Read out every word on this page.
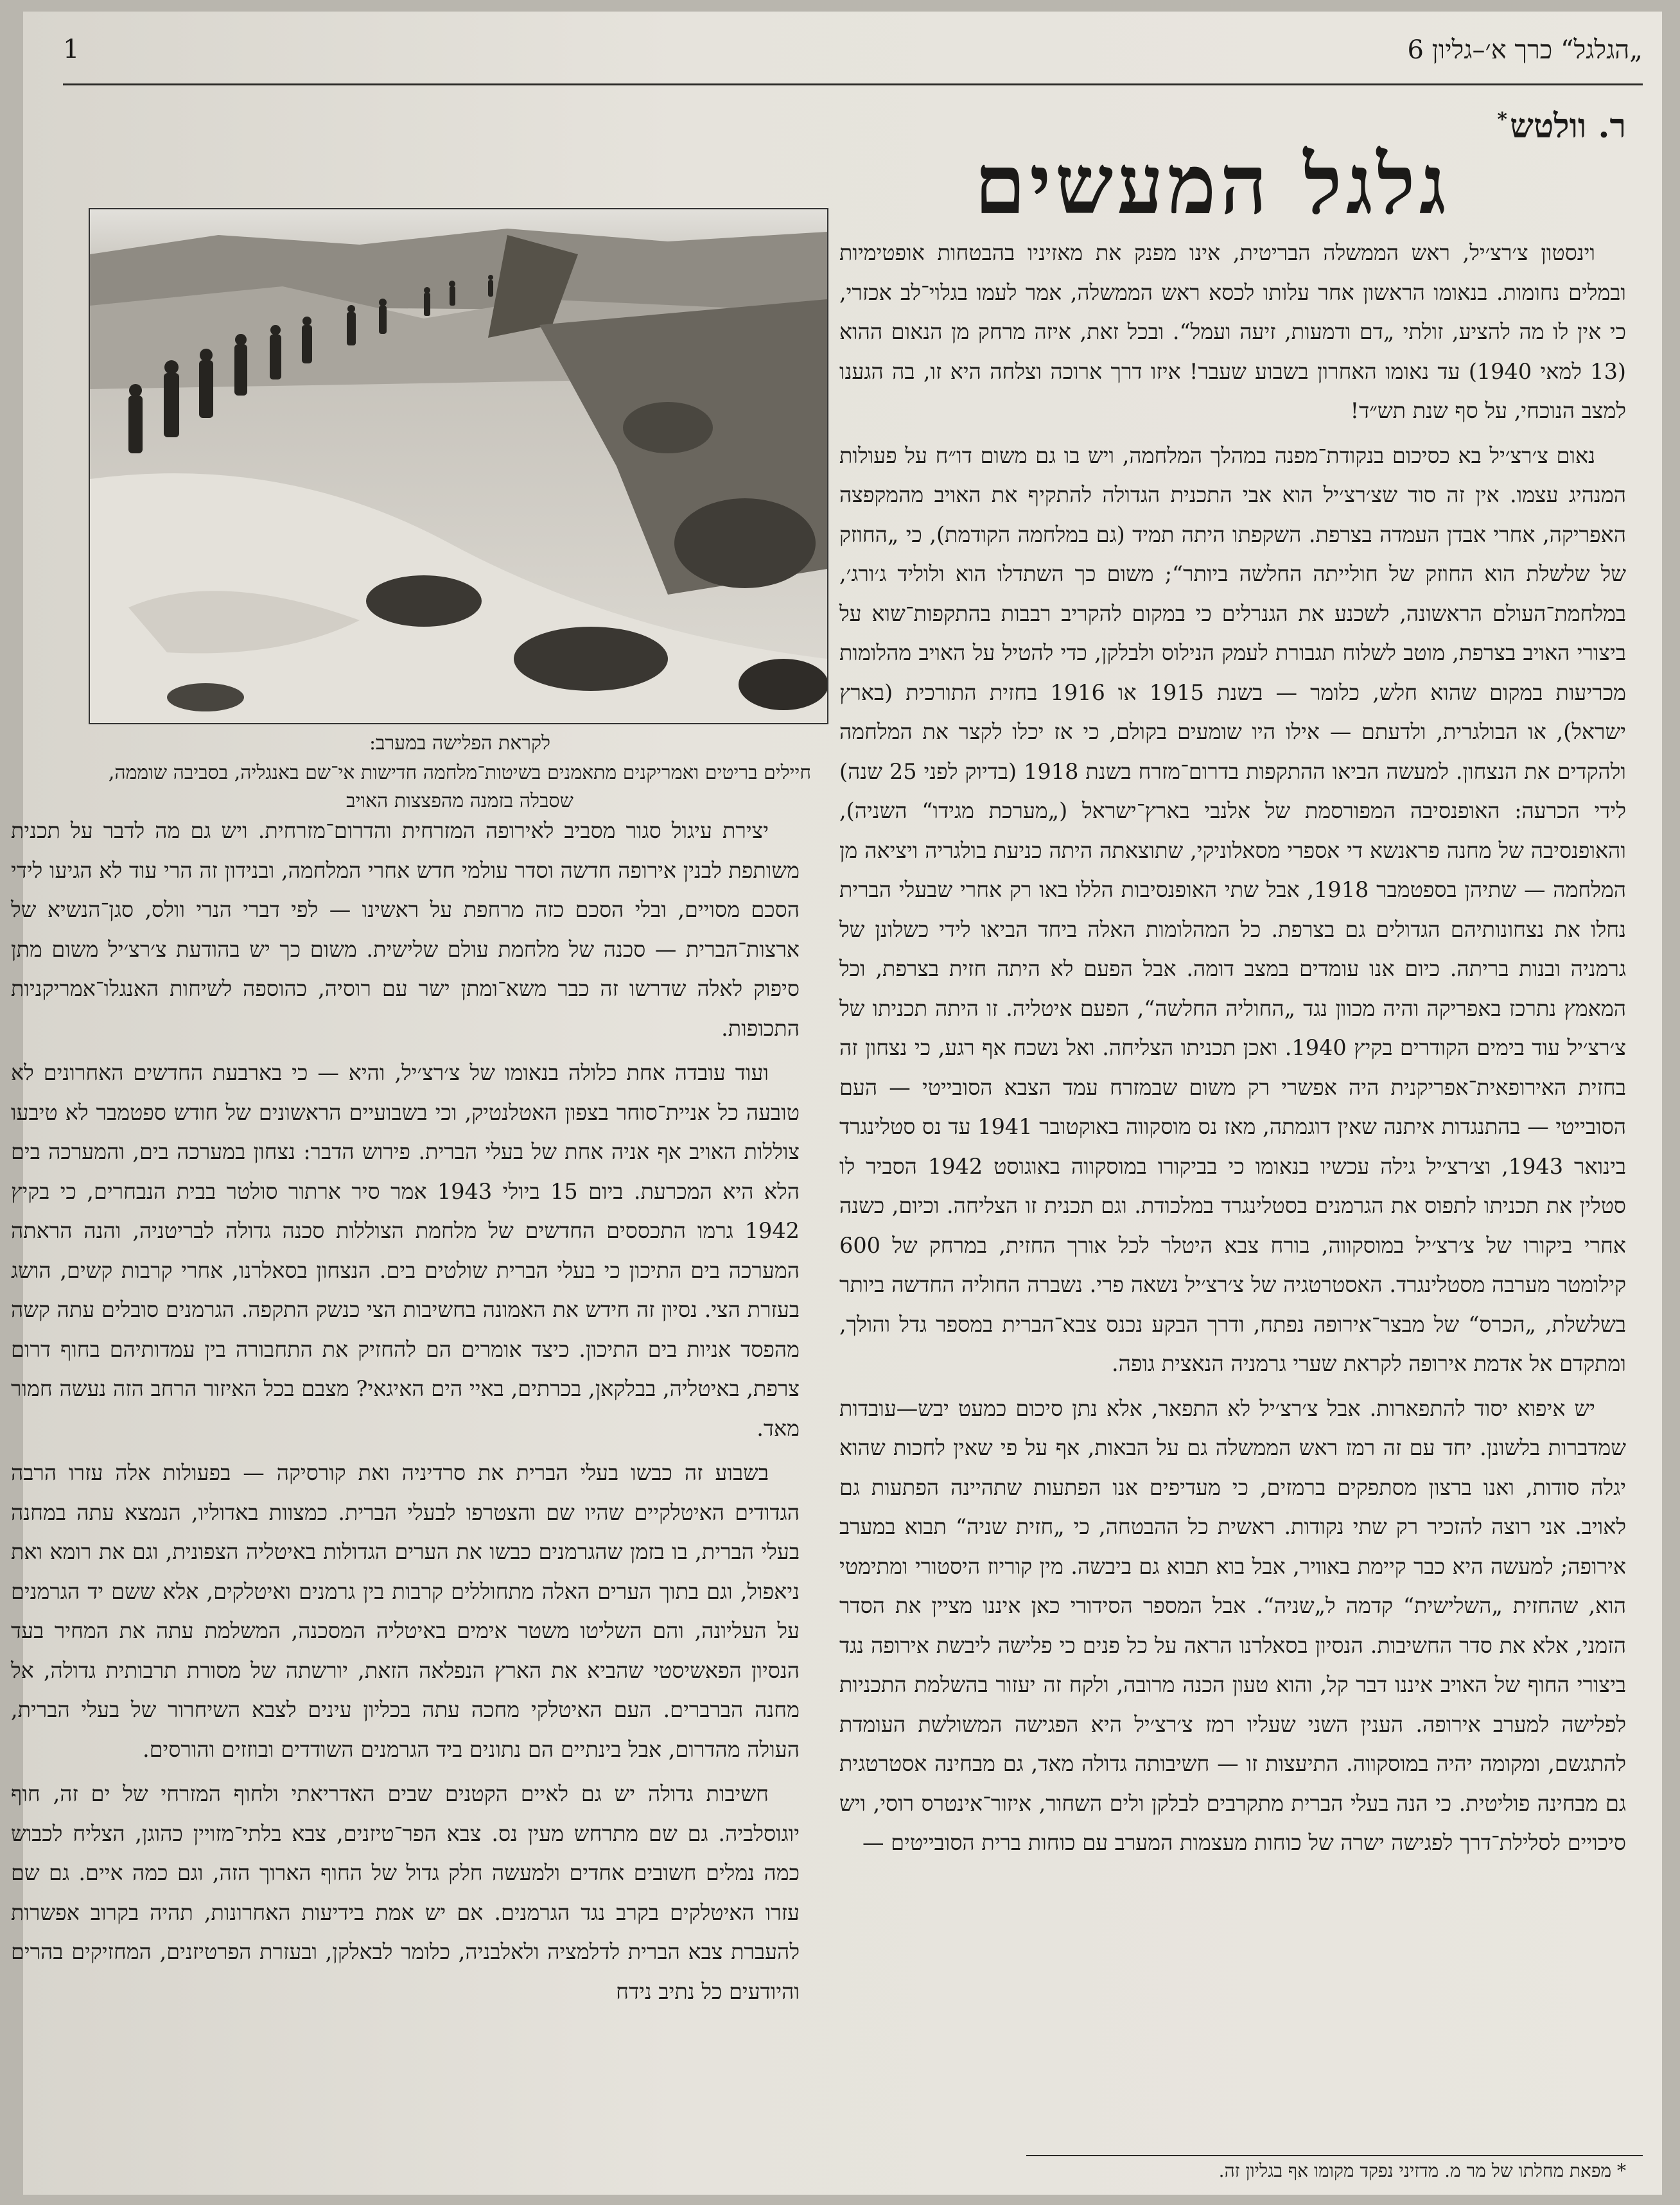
„הגלגל“ כרך א׳–גליון 6
1
ר. וולטש*
גלגל המעשים

וינסטון צ׳רצ׳יל, ראש הממשלה הבריטית, אינו מפנק את מאזיניו בהבטחות אופטימיות ובמלים נחומות. בנאומו הראשון אחר עלותו לכסא ראש הממשלה, אמר לעמו בגלוי־לב אכזרי, כי אין לו מה להציע, זולתי „דם ודמעות, זיעה ועמל“. ובכל זאת, איזה מרחק מן הנאום ההוא (13 למאי 1940) עד נאומו האחרון בשבוע שעבר! איזו דרך ארוכה וצלחה היא זו, בה הגענו למצב הנוכחי, על סף שנת תש״ד!

נאום צ׳רצ׳יל בא כסיכום בנקודת־מפנה במהלך המלחמה, ויש בו גם משום דו״ח על פעולות המנהיג עצמו. אין זה סוד שצ׳רצ׳יל הוא אבי התכנית הגדולה להתקיף את האויב מהמקפצה האפריקה, אחרי אבדן העמדה בצרפת. השקפתו היתה תמיד (גם במלחמה הקודמת), כי „החוזק של שלשלת הוא החוזק של חולייתה החלשה ביותר“; משום כך השתדלו הוא ולוליד ג׳ורג׳, במלחמת־העולם הראשונה, לשכנע את הגנרלים כי במקום להקריב רבבות בהתקפות־שוא על ביצורי האויב בצרפת, מוטב לשלוח תגבורת לעמק הנילוס ולבלקן, כדי להטיל על האויב מהלומות מכריעות במקום שהוא חלש, כלומר — בשנת 1915 או 1916 בחזית התורכית (בארץ ישראל), או הבולגרית, ולדעתם — אילו היו שומעים בקולם, כי אז יכלו לקצר את המלחמה ולהקדים את הנצחון. למעשה הביאו ההתקפות בדרום־מזרח בשנת 1918 (בדיוק לפני 25 שנה) לידי הכרעה: האופנסיבה המפורסמת של אלנבי בארץ־ישראל („מערכת מגידו“ השניה), והאופנסיבה של מחנה פראנשא די אספרי מסאלוניקי, שתוצאתה היתה כניעת בולגריה ויציאה מן המלחמה — שתיהן בספטמבר 1918, אבל שתי האופנסיבות הללו באו רק אחרי שבעלי הברית נחלו את נצחונותיהם הגדולים גם בצרפת. כל המהלומות האלה ביחד הביאו לידי כשלונן של גרמניה ובנות בריתה. כיום אנו עומדים במצב דומה. אבל הפעם לא היתה חזית בצרפת, וכל המאמץ נתרכז באפריקה והיה מכוון נגד „החוליה החלשה“, הפעם איטליה. זו היתה תכניתו של צ׳רצ׳יל עוד בימים הקודרים בקיץ 1940. ואכן תכניתו הצליחה. ואל נשכח אף רגע, כי נצחון זה בחזית האירופאית־אפריקנית היה אפשרי רק משום שבמזרח עמד הצבא הסובייטי — העם הסובייטי — בהתנגדות איתנה שאין דוגמתה, מאז נס מוסקווה באוקטובר 1941 עד נס סטלינגרד בינואר 1943, וצ׳רצ׳יל גילה עכשיו בנאומו כי בביקורו במוסקווה באוגוסט 1942 הסביר לו סטלין את תכניתו לתפוס את הגרמנים בסטלינגרד במלכודת. וגם תכנית זו הצליחה. וכיום, כשנה אחרי ביקורו של צ׳רצ׳יל במוסקווה, בורח צבא היטלר לכל אורך החזית, במרחק של 600 קילומטר מערבה מסטלינגרד. האסטרטגיה של צ׳רצ׳יל נשאה פרי. נשברה החוליה החדשה ביותר בשלשלת, „הכרס“ של מבצר־אירופה נפתח, ודרך הבקע נכנס צבא־הברית במספר גדל והולך, ומתקדם אל אדמת אירופה לקראת שערי גרמניה הנאצית גופה.

יש איפוא יסוד להתפארות. אבל צ׳רצ׳יל לא התפאר, אלא נתן סיכום כמעט יבש—עובדות שמדברות בלשונן. יחד עם זה רמז ראש הממשלה גם על הבאות, אף על פי שאין לחכות שהוא יגלה סודות, ואנו ברצון מסתפקים ברמזים, כי מעדיפים אנו הפתעות שתהיינה הפתעות גם לאויב. אני רוצה להזכיר רק שתי נקודות. ראשית כל ההבטחה, כי „חזית שניה“ תבוא במערב אירופה; למעשה היא כבר קיימת באוויר, אבל בוא תבוא גם ביבשה. מין קוריוז היסטורי ומתימטי הוא, שהחזית „השלישית“ קדמה ל„שניה“. אבל המספר הסידורי כאן איננו מציין את הסדר הזמני, אלא את סדר החשיבות. הנסיון בסאלרנו הראה על כל פנים כי פלישה ליבשת אירופה נגד ביצורי החוף של האויב איננו דבר קל, והוא טעון הכנה מרובה, ולקח זה יעזור בהשלמת התכניות לפלישה למערב אירופה. הענין השני שעליו רמז צ׳רצ׳יל היא הפגישה המשולשת העומדת להתגשם, ומקומה יהיה במוסקווה. התיעצות זו — חשיבותה גדולה מאד, גם מבחינה אסטרטגית גם מבחינה פוליטית. כי הנה בעלי הברית מתקרבים לבלקן ולים השחור, איזור־אינטרס רוסי, ויש סיכויים לסלילת־דרך לפגישה ישרה של כוחות מעצמות המערב עם כוחות ברית הסובייטים —

לקראת הפלישה במערב:
חיילים בריטים ואמריקנים מתאמנים בשיטות־מלחמה חדישות אי־שם באנגליה, בסביבה שוממה, שסבלה בזמנה מהפצצות האויב

יצירת עיגול סגור מסביב לאירופה המזרחית והדרום־מזרחית. ויש גם מה לדבר על תכנית משותפת לבנין אירופה חדשה וסדר עולמי חדש אחרי המלחמה, ובנידון זה הרי עוד לא הגיעו לידי הסכם מסויים, ובלי הסכם כזה מרחפת על ראשינו — לפי דברי הנרי וולס, סגן־הנשיא של ארצות־הברית — סכנה של מלחמת עולם שלישית. משום כך יש בהודעת צ׳רצ׳יל משום מתן סיפוק לאלה שדרשו זה כבר משא־ומתן ישר עם רוסיה, כהוספה לשיחות האנגלו־אמריקניות התכופות.

ועוד עובדה אחת כלולה בנאומו של צ׳רצ׳יל, והיא — כי בארבעת החדשים האחרונים לא טובעה כל אניית־סוחר בצפון האטלנטיק, וכי בשבועיים הראשונים של חודש ספטמבר לא טיבעו צוללות האויב אף אניה אחת של בעלי הברית. פירוש הדבר: נצחון במערכה בים, והמערכה בים הלא היא המכרעת. ביום 15 ביולי 1943 אמר סיר ארתור סולטר בבית הנבחרים, כי בקיץ 1942 גרמו התכססים החדשים של מלחמת הצוללות סכנה גדולה לבריטניה, והנה הראתה המערכה בים התיכון כי בעלי הברית שולטים בים. הנצחון בסאלרנו, אחרי קרבות קשים, הושג בעזרת הצי. נסיון זה חידש את האמונה בחשיבות הצי כנשק התקפה. הגרמנים סובלים עתה קשה מהפסד אניות בים התיכון. כיצד אומרים הם להחזיק את התחבורה בין עמדותיהם בחוף דרום צרפת, באיטליה, בבלקאן, בכרתים, באיי הים האיגאי? מצבם בכל האיזור הרחב הזה נעשה חמור מאד.

בשבוע זה כבשו בעלי הברית את סרדיניה ואת קורסיקה — בפעולות אלה עזרו הרבה הגדודים האיטלקיים שהיו שם והצטרפו לבעלי הברית. כמצוות באדוליו, הנמצא עתה במחנה בעלי הברית, בו בזמן שהגרמנים כבשו את הערים הגדולות באיטליה הצפונית, וגם את רומא ואת ניאפול, וגם בתוך הערים האלה מתחוללים קרבות בין גרמנים ואיטלקים, אלא ששם יד הגרמנים על העליונה, והם השליטו משטר אימים באיטליה המסכנה, המשלמת עתה את המחיר בעד הנסיון הפאשיסטי שהביא את הארץ הנפלאה הזאת, יורשתה של מסורת תרבותית גדולה, אל מחנה הברברים. העם האיטלקי מחכה עתה בכליון עינים לצבא השיחרור של בעלי הברית, העולה מהדרום, אבל בינתיים הם נתונים ביד הגרמנים השודדים ובוזזים והורסים.

חשיבות גדולה יש גם לאיים הקטנים שבים האדריאתי ולחוף המזרחי של ים זה, חוף יוגוסלביה. גם שם מתרחש מעין נס. צבא הפר־טיזנים, צבא בלתי־מזויין כהוגן, הצליח לכבוש כמה נמלים חשובים אחדים ולמעשה חלק גדול של החוף הארוך הזה, וגם כמה איים. גם שם עזרו האיטלקים בקרב נגד הגרמנים. אם יש אמת בידיעות האחרונות, תהיה בקרוב אפשרות להעברת צבא הברית לדלמציה ולאלבניה, כלומר לבאלקן, ובעזרת הפרטיזנים, המחזיקים בהרים והיודעים כל נתיב נידח

* מפאת מחלתו של מר מ. מדזיני נפקד מקומו אף בגליון זה.
